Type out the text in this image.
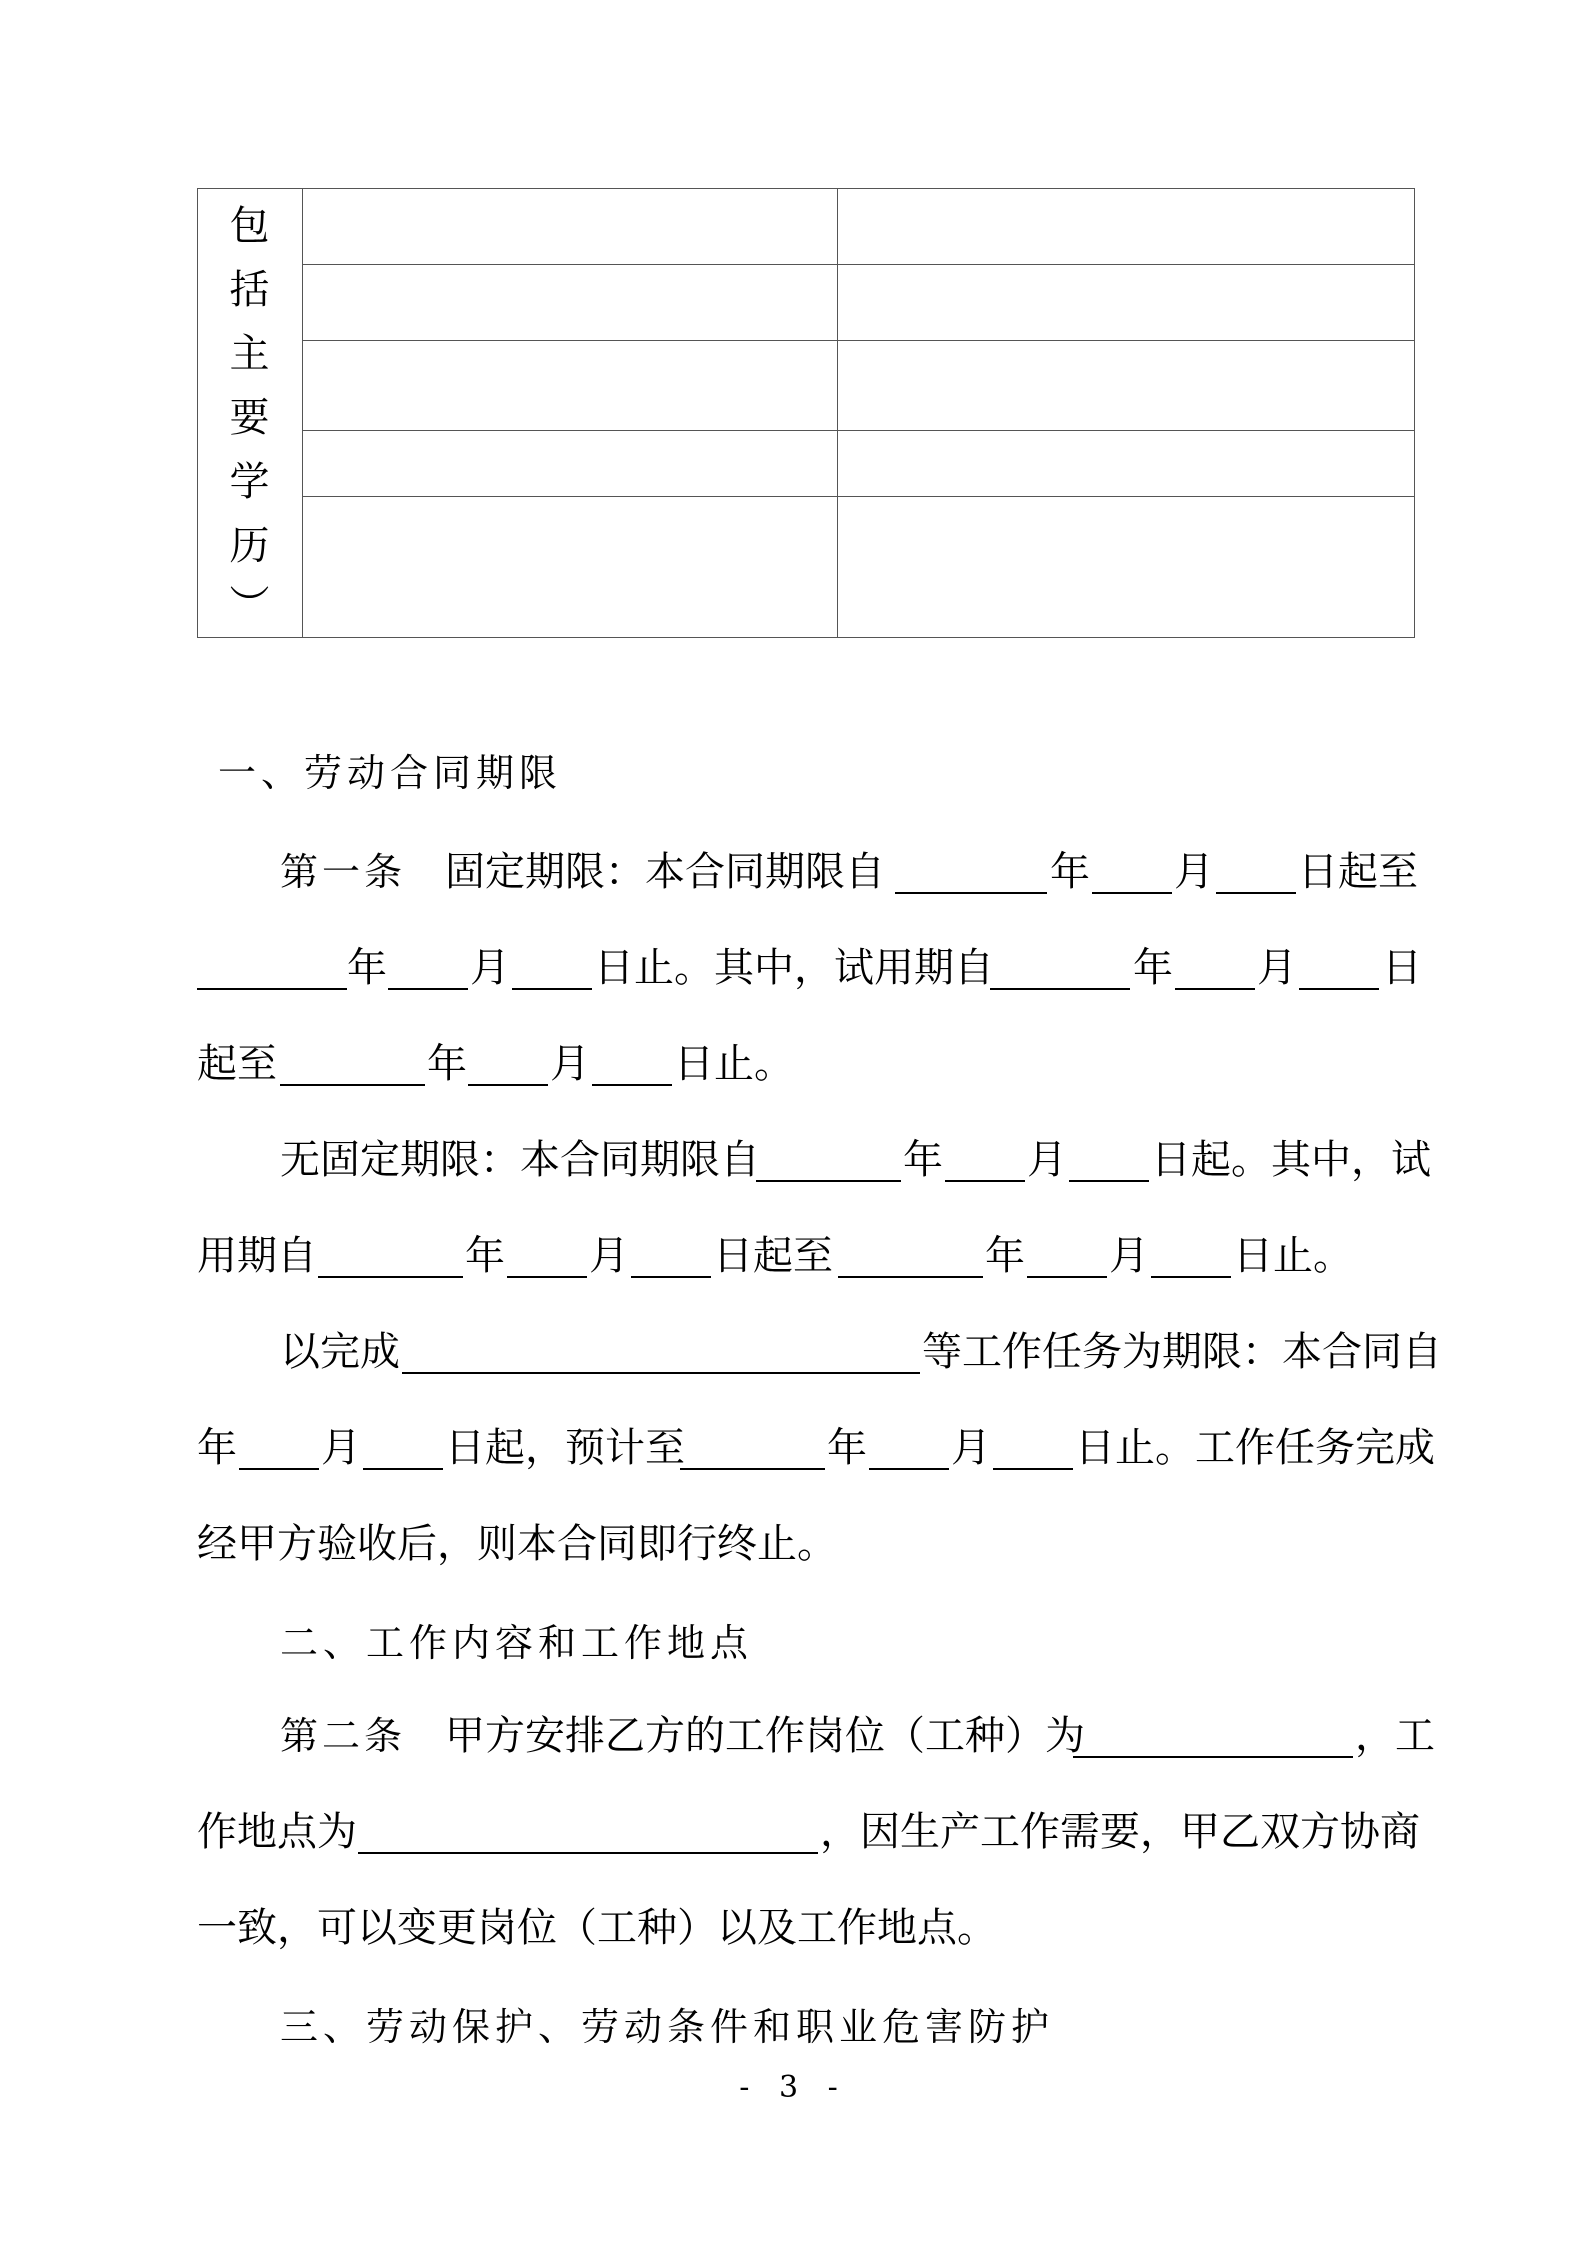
包
括
主
要
学
历
︶
一、劳动合同期限
第一条 固定期限：本合同期限自	年 月 日起至
年 月 日止。其中，试用期自	年 月 日
起至	年 月 日止。
无固定期限：本合同期限自	年 月 日起。其中，试
用期自	年 月 日起至	年 月 日止。
以完成	等工作任务为期限：本合同自
年 月 日起，预计至	年 月 日止。工作任务完成
经甲方验收后，则本合同即行终止。
二、工作内容和工作地点
第二条 甲方安排乙方的工作岗位（工种）为	，工
作地点为	，因生产工作需要，甲乙双方协商
一致，可以变更岗位（工种）以及工作地点。
三、劳动保护、劳动条件和职业危害防护
- 3 -
